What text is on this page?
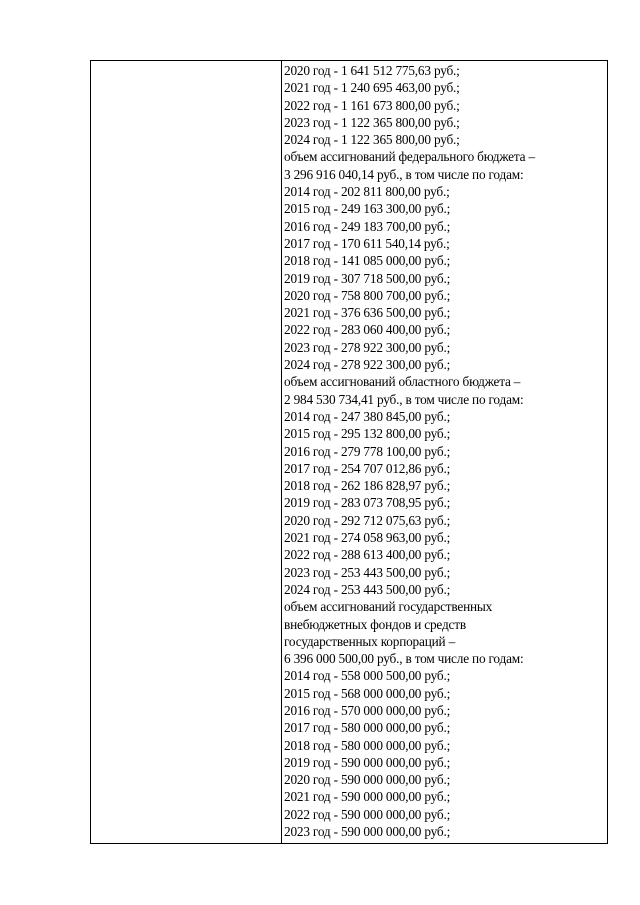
2020 год - 1 641 512 775,63 руб.;
2021 год - 1 240 695 463,00 руб.;
2022 год - 1 161 673 800,00 руб.;
2023 год - 1 122 365 800,00 руб.;
2024 год - 1 122 365 800,00 руб.;
объем ассигнований федерального бюджета –
3 296 916 040,14 руб., в том числе по годам:
2014 год - 202 811 800,00 руб.;
2015 год - 249 163 300,00 руб.;
2016 год - 249 183 700,00 руб.;
2017 год - 170 611 540,14 руб.;
2018 год - 141 085 000,00 руб.;
2019 год - 307 718 500,00 руб.;
2020 год - 758 800 700,00 руб.;
2021 год - 376 636 500,00 руб.;
2022 год - 283 060 400,00 руб.;
2023 год - 278 922 300,00 руб.;
2024 год - 278 922 300,00 руб.;
объем ассигнований областного бюджета –
2 984 530 734,41 руб., в том числе по годам:
2014 год - 247 380 845,00 руб.;
2015 год - 295 132 800,00 руб.;
2016 год - 279 778 100,00 руб.;
2017 год - 254 707 012,86 руб.;
2018 год - 262 186 828,97 руб.;
2019 год - 283 073 708,95 руб.;
2020 год - 292 712 075,63 руб.;
2021 год - 274 058 963,00 руб.;
2022 год - 288 613 400,00 руб.;
2023 год - 253 443 500,00 руб.;
2024 год - 253 443 500,00 руб.;
объем ассигнований государственных
внебюджетных фондов и средств
государственных корпораций –
6 396 000 500,00 руб., в том числе по годам:
2014 год - 558 000 500,00 руб.;
2015 год - 568 000 000,00 руб.;
2016 год - 570 000 000,00 руб.;
2017 год - 580 000 000,00 руб.;
2018 год - 580 000 000,00 руб.;
2019 год - 590 000 000,00 руб.;
2020 год - 590 000 000,00 руб.;
2021 год - 590 000 000,00 руб.;
2022 год - 590 000 000,00 руб.;
2023 год - 590 000 000,00 руб.;
